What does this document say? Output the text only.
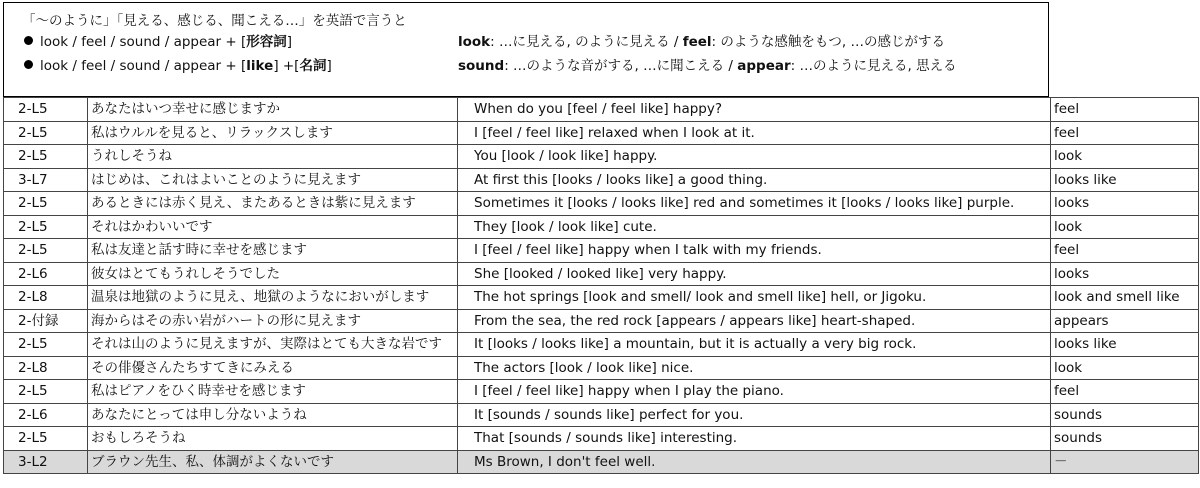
「〜のように」「見える、感じる、聞こえる…」を英語で言うと
look / feel / sound / appear + [形容詞]
look / feel / sound / appear + [like] +[名詞]
look: …に見える, のように見える / feel: のような感触をもつ, …の感じがする
sound: …のような音がする, …に聞こえる / appear: …のように見える, 思える
2-L5	あなたはいつ幸せに感じますか	When do you [feel / feel like] happy?	feel
2-L5	私はウルルを見ると、リラックスします	I [feel / feel like] relaxed when I look at it.	feel
2-L5	うれしそうね	You [look / look like] happy.	look
3-L7	はじめは、これはよいことのように見えます	At first this [looks / looks like] a good thing.	looks like
2-L5	あるときには赤く見え、またあるときは紫に見えます	Sometimes it [looks / looks like] red and sometimes it [looks / looks like] purple.	looks
2-L5	それはかわいいです	They [look / look like] cute.	look
2-L5	私は友達と話す時に幸せを感じます	I [feel / feel like] happy when I talk with my friends.	feel
2-L6	彼女はとてもうれしそうでした	She [looked / looked like] very happy.	looks
2-L8	温泉は地獄のように見え、地獄のようなにおいがします	The hot springs [look and smell/ look and smell like] hell, or Jigoku.	look and smell like
2-付録	海からはその赤い岩がハートの形に見えます	From the sea, the red rock [appears / appears like] heart-shaped.	appears
2-L5	それは山のように見えますが、実際はとても大きな岩です	It [looks / looks like] a mountain, but it is actually a very big rock.	looks like
2-L8	その俳優さんたちすてきにみえる	The actors [look / look like] nice.	look
2-L5	私はピアノをひく時幸せを感じます	I [feel / feel like] happy when I play the piano.	feel
2-L6	あなたにとっては申し分ないようね	It [sounds / sounds like] perfect for you.	sounds
2-L5	おもしろそうね	That [sounds / sounds like] interesting.	sounds
3-L2	ブラウン先生、私、体調がよくないです	Ms Brown, I don't feel well.	－
